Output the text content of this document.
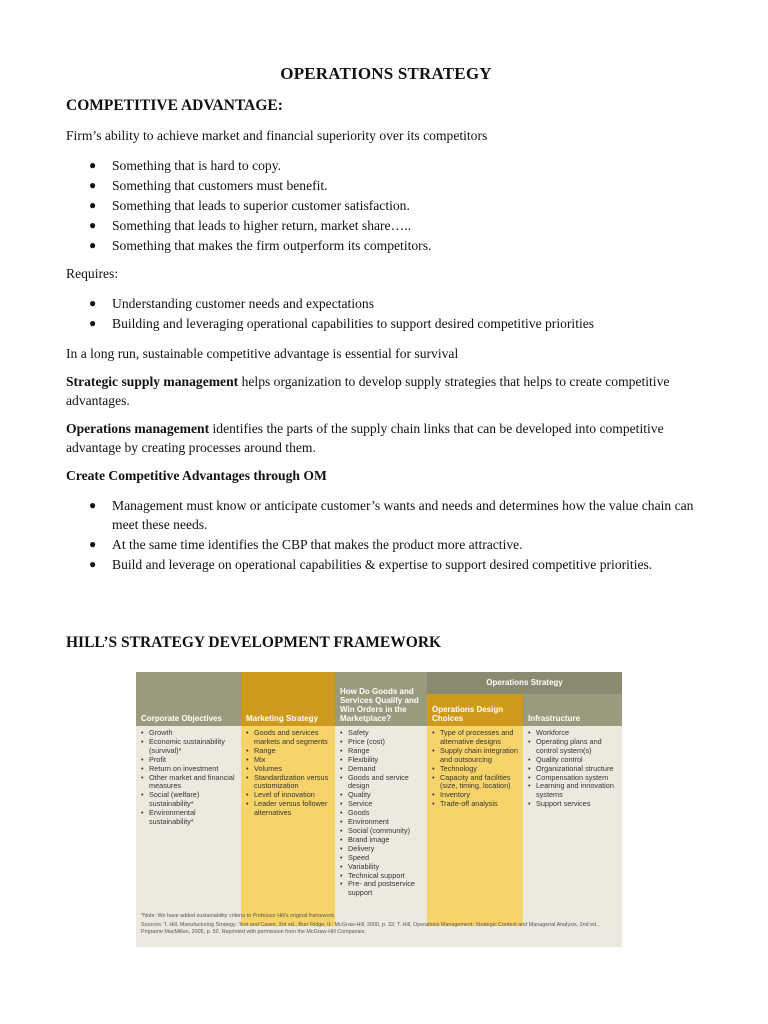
OPERATIONS STRATEGY
COMPETITIVE ADVANTAGE:
Firm’s ability to achieve market and financial superiority over its competitors
● Something that is hard to copy.
● Something that customers must benefit.
● Something that leads to superior customer satisfaction.
● Something that leads to higher return, market share…..
● Something that makes the firm outperform its competitors.
Requires:
● Understanding customer needs and expectations
● Building and leveraging operational capabilities to support desired competitive priorities
In a long run, sustainable competitive advantage is essential for survival
Strategic supply management helps organization to develop supply strategies that helps to create competitive advantages.
Operations management identifies the parts of the supply chain links that can be developed into competitive advantage by creating processes around them.
Create Competitive Advantages through OM
● Management must know or anticipate customer’s wants and needs and determines how the value chain can meet these needs.
● At the same time identifies the CBP that makes the product more attractive.
● Build and leverage on operational capabilities & expertise to support desired competitive priorities.
HILL’S STRATEGY DEVELOPMENT FRAMEWORK
Corporate Objectives
• Growth
• Economic sustainability (survival)*
• Profit
• Return on investment
• Other market and financial measures
• Social (welfare) sustainability*
• Environmental sustainability*
Marketing Strategy
• Goods and services markets and segments
• Range
• Mix
• Volumes
• Standardization versus customization
• Level of innovation
• Leader versus follower alternatives
How Do Goods and Services Qualify and Win Orders in the Marketplace?
• Safety
• Price (cost)
• Range
• Flexibility
• Demand
• Goods and service design
• Quality
• Service
• Goods
• Environment
• Social (community)
• Brand image
• Delivery
• Speed
• Variability
• Technical support
• Pre- and postservice support
Operations Strategy
Operations Design Choices
• Type of processes and alternative designs
• Supply chain integration and outsourcing
• Technology
• Capacity and facilities (size, timing, location)
• Inventory
• Trade-off analysis
Infrastructure
• Workforce
• Operating plans and control system(s)
• Quality control
• Organizational structure
• Compensation system
• Learning and innovation systems
• Support services
*Note: We have added sustainability criteria to Professor Hill’s original framework.
Sources: T. Hill, Manufacturing Strategy: Text and Cases, 3rd ed., Burr Ridge, IL: McGraw-Hill, 2000, p. 32; T. Hill, Operations Management: Strategic Context and Managerial Analysis, 2nd ed., Prigrame MacMillan, 2005, p. 50. Reprinted with permission from the McGraw-Hill Companies.
